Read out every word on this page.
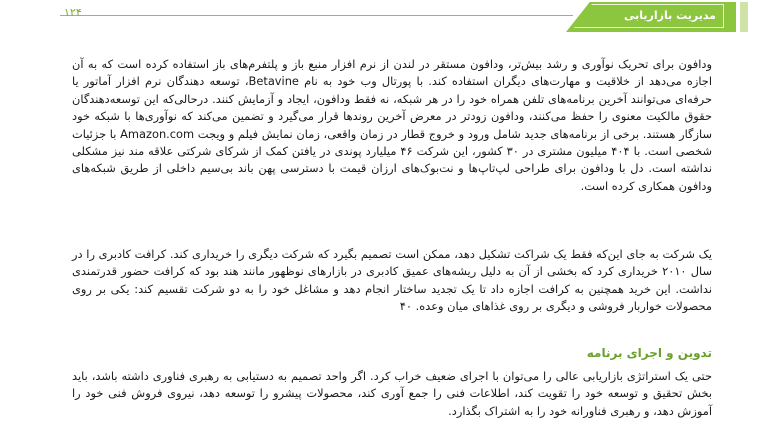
۱۲۴	مدیریت بازاریابی

ودافون برای تحریک نوآوری و رشد بیش‌تر، ودافون مستقر در لندن از نرم افزار منبع باز و پلتفرم‌های باز استفاده کرده است که به آن اجازه می‌دهد از خلاقیت و مهارت‌های دیگران استفاده کند. با پورتال وب خود به نام Betavine، توسعه دهندگان نرم افزار آماتور یا حرفه‌ای می‌توانند آخرین برنامه‌های تلفن همراه خود را در هر شبکه، نه فقط ودافون، ایجاد و آزمایش کنند. درحالی‌که این توسعه‌دهندگان حقوق مالکیت معنوی را حفظ می‌کنند، ودافون زودتر در معرض آخرین روندها قرار می‌گیرد و تضمین می‌کند که نوآوری‌ها با شبکه خود سازگار هستند. برخی از برنامه‌های جدید شامل ورود و خروج قطار در زمان واقعی، زمان نمایش فیلم و ویجت Amazon.com با جزئیات شخصی است. با ۴۰۴ میلیون مشتری در ۳۰ کشور، این شرکت ۴۶ میلیارد پوندی در یافتن کمک از شرکای شرکتی علاقه مند نیز مشکلی نداشته است. دل با ودافون برای طراحی لپ‌تاپ‌ها و نت‌بوک‌های ارزان قیمت با دسترسی پهن باند بی‌سیم داخلی از طریق شبکه‌های ودافون همکاری کرده است.

یک شرکت به جای این‌که فقط یک شراکت تشکیل دهد، ممکن است تصمیم بگیرد که شرکت دیگری را خریداری کند. کرافت کادبری را در سال ۲۰۱۰ خریداری کرد که بخشی از آن به دلیل ریشه‌های عمیق کادبری در بازارهای نوظهور مانند هند بود که کرافت حضور قدرتمندی نداشت. این خرید همچنین به کرافت اجازه داد تا یک تجدید ساختار انجام دهد و مشاغل خود را به دو شرکت تقسیم کند: یکی بر روی محصولات خواربار فروشی و دیگری بر روی غذاهای میان وعده. ۴۰

تدوین و اجرای برنامه

حتی یک استراتژی بازاریابی عالی را می‌توان با اجرای ضعیف خراب کرد. اگر واحد تصمیم به دستیابی به رهبری فناوری داشته باشد، باید بخش تحقیق و توسعه خود را تقویت کند، اطلاعات فنی را جمع آوری کند، محصولات پیشرو را توسعه دهد، نیروی فروش فنی خود را آموزش دهد، و رهبری فناورانه خود را به اشتراک بگذارد.
